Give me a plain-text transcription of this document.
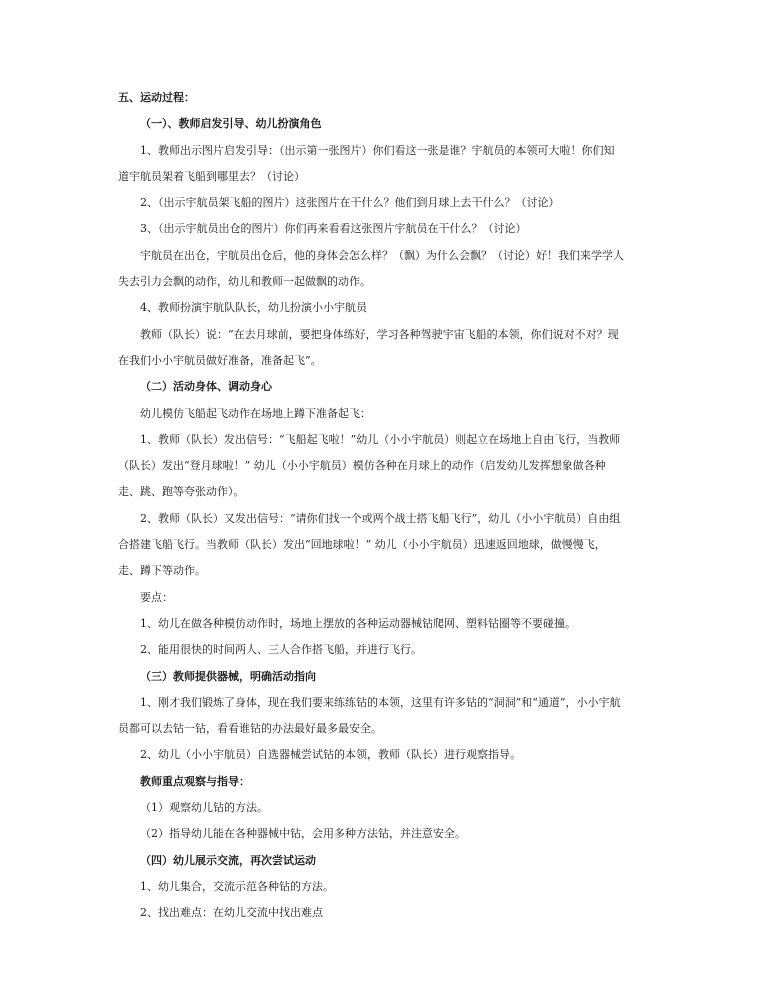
五、运动过程：
（一）、教师启发引导、幼儿扮演角色
1、教师出示图片启发引导：（出示第一张图片）你们看这一张是谁？宇航员的本领可大啦！你们知
道宇航员架着飞船到哪里去？（讨论）
2、（出示宇航员架飞船的图片）这张图片在干什么？他们到月球上去干什么？（讨论）
3、（出示宇航员出仓的图片）你们再来看看这张图片宇航员在干什么？（讨论）
宇航员在出仓，宇航员出仓后，他的身体会怎么样？（飘）为什么会飘？（讨论）好！我们来学学人
失去引力会飘的动作，幼儿和教师一起做飘的动作。
4、教师扮演宇航队队长，幼儿扮演小小宇航员
教师（队长）说：“在去月球前，要把身体练好，学习各种驾驶宇宙飞船的本领，你们说对不对？现
在我们小小宇航员做好准备，准备起飞”。
（二）活动身体、调动身心
幼儿模仿飞船起飞动作在场地上蹲下准备起飞：
1、教师（队长）发出信号：“飞船起飞啦！”幼儿（小小宇航员）则起立在场地上自由飞行，当教师
（队长）发出“登月球啦！” 幼儿（小小宇航员）模仿各种在月球上的动作（启发幼儿发挥想象做各种
走、跳、跑等夸张动作）。
2、教师（队长）又发出信号：“请你们找一个或两个战士搭飞船飞行”，幼儿（小小宇航员）自由组
合搭建飞船飞行。当教师（队长）发出“回地球啦！” 幼儿（小小宇航员）迅速返回地球，做慢慢飞，
走、蹲下等动作。
要点：
1、幼儿在做各种模仿动作时，场地上摆放的各种运动器械钻爬网、塑料钻圈等不要碰撞。
2、能用很快的时间两人、三人合作搭飞船，并进行飞行。
（三）教师提供器械，明确活动指向
1、刚才我们锻炼了身体，现在我们要来练练钻的本领，这里有许多钻的“洞洞”和“通道”，小小宇航
员都可以去钻一钻，看看谁钻的办法最好最多最安全。
2、幼儿（小小宇航员）自选器械尝试钻的本领，教师（队长）进行观察指导。
教师重点观察与指导：
（1）观察幼儿钻的方法。
（2）指导幼儿能在各种器械中钻，会用多种方法钻，并注意安全。
（四）幼儿展示交流，再次尝试运动
1、幼儿集合，交流示范各种钻的方法。
2、找出难点：在幼儿交流中找出难点
